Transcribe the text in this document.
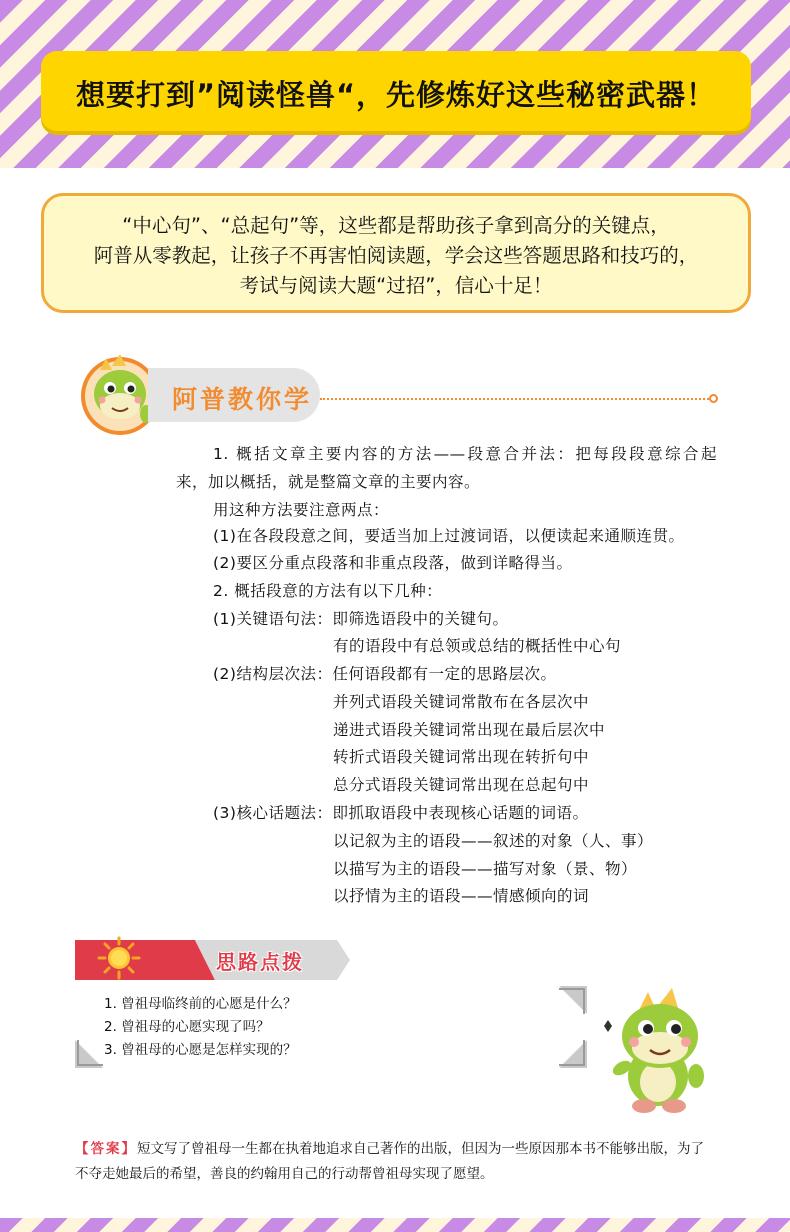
想要打到”阅读怪兽“，先修炼好这些秘密武器！
“中心句”、“总起句”等，这些都是帮助孩子拿到高分的关键点，
阿普从零教起，让孩子不再害怕阅读题，学会这些答题思路和技巧的，
考试与阅读大题“过招”，信心十足！
阿普教你学
1. 概括文章主要内容的方法——段意合并法：把每段段意综合起
来，加以概括，就是整篇文章的主要内容。
用这种方法要注意两点：
(1)在各段段意之间，要适当加上过渡词语，以便读起来通顺连贯。
(2)要区分重点段落和非重点段落，做到详略得当。
2. 概括段意的方法有以下几种：
(1)关键语句法：即筛选语段中的关键句。
有的语段中有总领或总结的概括性中心句
(2)结构层次法：任何语段都有一定的思路层次。
并列式语段关键词常散布在各层次中
递进式语段关键词常出现在最后层次中
转折式语段关键词常出现在转折句中
总分式语段关键词常出现在总起句中
(3)核心话题法：即抓取语段中表现核心话题的词语。
以记叙为主的语段——叙述的对象（人、事）
以描写为主的语段——描写对象（景、物）
以抒情为主的语段——情感倾向的词
思路点拨
1. 曾祖母临终前的心愿是什么？
2. 曾祖母的心愿实现了吗？
3. 曾祖母的心愿是怎样实现的？
【答案】短文写了曾祖母一生都在执着地追求自己著作的出版，但因为一些原因那本书不能够出版，为了不夺走她最后的希望，善良的约翰用自己的行动帮曾祖母实现了愿望。
